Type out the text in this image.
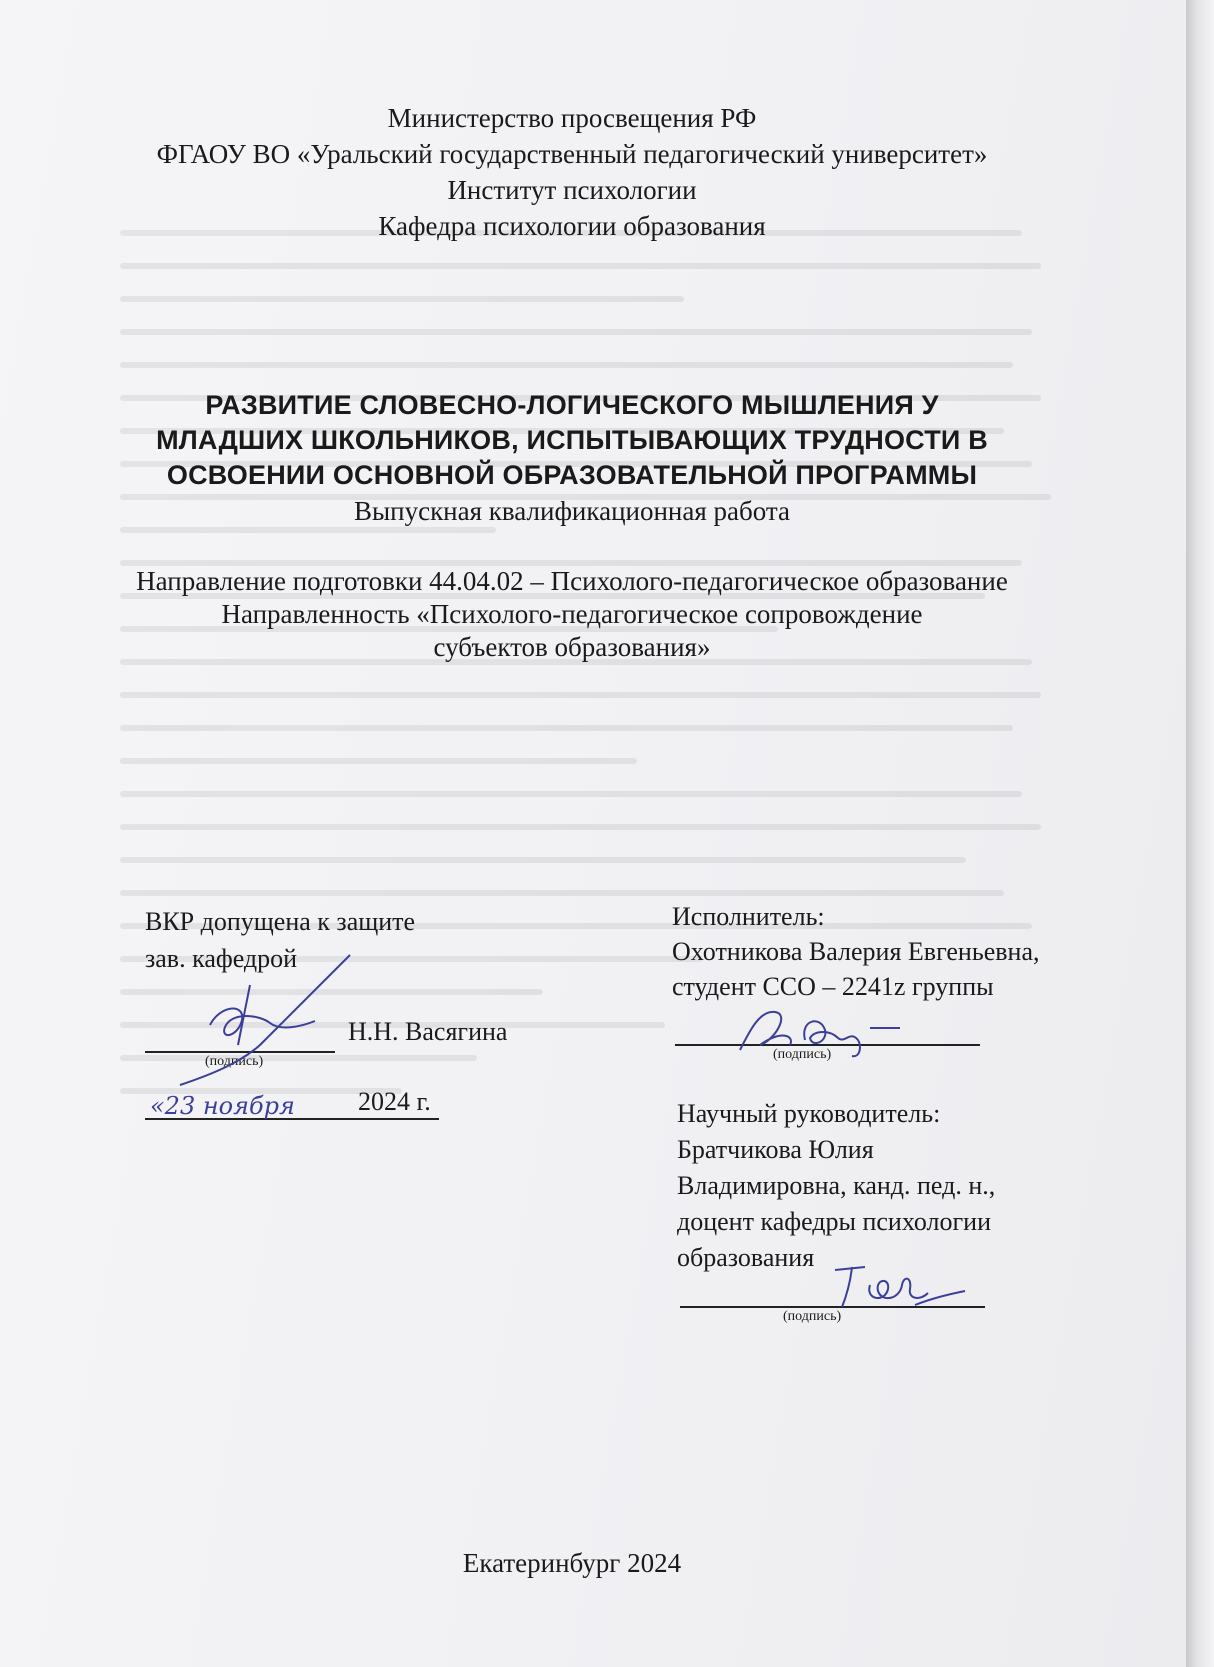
Министерство просвещения РФ
ФГАОУ ВО «Уральский государственный педагогический университет»
Институт психологии
Кафедра психологии образования
РАЗВИТИЕ СЛОВЕСНО-ЛОГИЧЕСКОГО МЫШЛЕНИЯ У
МЛАДШИХ ШКОЛЬНИКОВ, ИСПЫТЫВАЮЩИХ ТРУДНОСТИ В
ОСВОЕНИИ ОСНОВНОЙ ОБРАЗОВАТЕЛЬНОЙ ПРОГРАММЫ
Выпускная квалификационная работа
Направление подготовки 44.04.02 – Психолого-педагогическое образование
Направленность «Психолого-педагогическое сопровождение
субъектов образования»
ВКР допущена к защите
зав. кафедрой
Н.Н. Васягина
(подпись)
«23 ноября 2024 г.
Исполнитель:
Охотникова Валерия Евгеньевна,
студент ССО – 2241z группы
(подпись)
Научный руководитель:
Братчикова Юлия
Владимировна, канд. пед. н.,
доцент кафедры психологии
образования
(подпись)
Екатеринбург 2024
